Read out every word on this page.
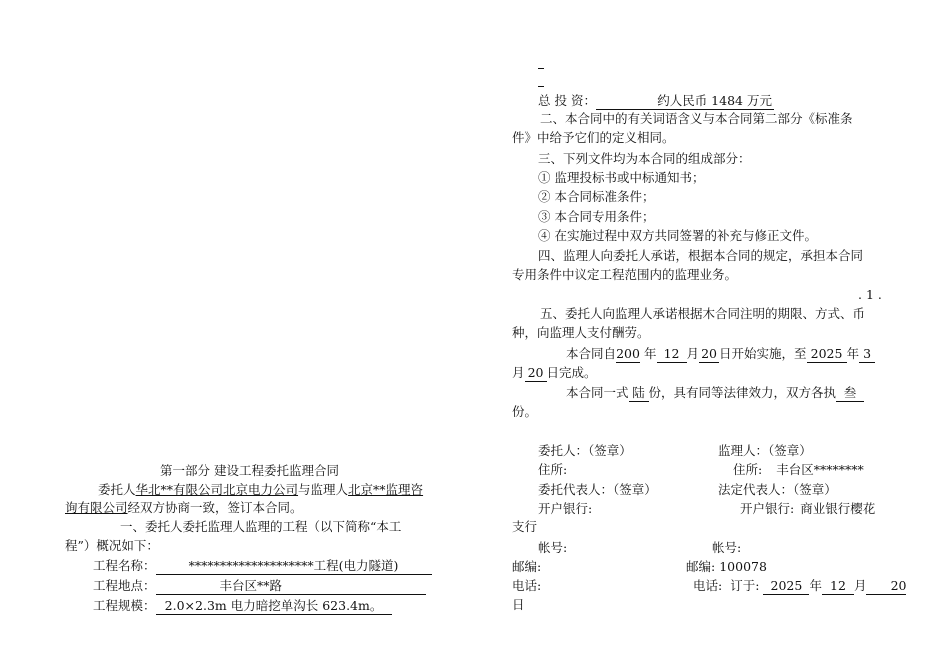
第一部分 建设工程委托监理合同
委托人华北**有限公司北京电力公司与监理人北京**监理咨
询有限公司经双方协商一致，签订本合同。
一、委托人委托监理人监理的工程（以下简称“本工
程”）概况如下：
工程名称：	********************工程(电力隧道)
工程地点：	丰台区**路
工程规模： 2.0×2.3m 电力暗挖单沟长 623.4m。
总 投 资：	约人民币 1484 万元
二、本合同中的有关词语含义与本合同第二部分《标准条
件》中给予它们的定义相同。
三、下列文件均为本合同的组成部分：
① 监理投标书或中标通知书；
② 本合同标准条件；
③ 本合同专用条件；
④ 在实施过程中双方共同签署的补充与修正文件。
四、监理人向委托人承诺，根据本合同的规定，承担本合同
专用条件中议定工程范围内的监理业务。
. 1 .
五、委托人向监理人承诺根据木合同注明的期限、方式、币
种，向监理人支付酬劳。
本合同自200 年 12 月 20 日开始实施，至 2025 年 3
月 20 日完成。
本合同一式 陆 份，具有同等法律效力，双方各执 叁
份。
委托人：（签章）	监理人：（签章）
住所:	住所: 丰台区********
委托代表人：（签章）	法定代表人：（签章）
开户银行:	开户银行: 商业银行樱花
支行
帐号:	帐号:
邮编:	邮编: 100078
电话:	电话: 订于: 2025 年 12 月 20
日
